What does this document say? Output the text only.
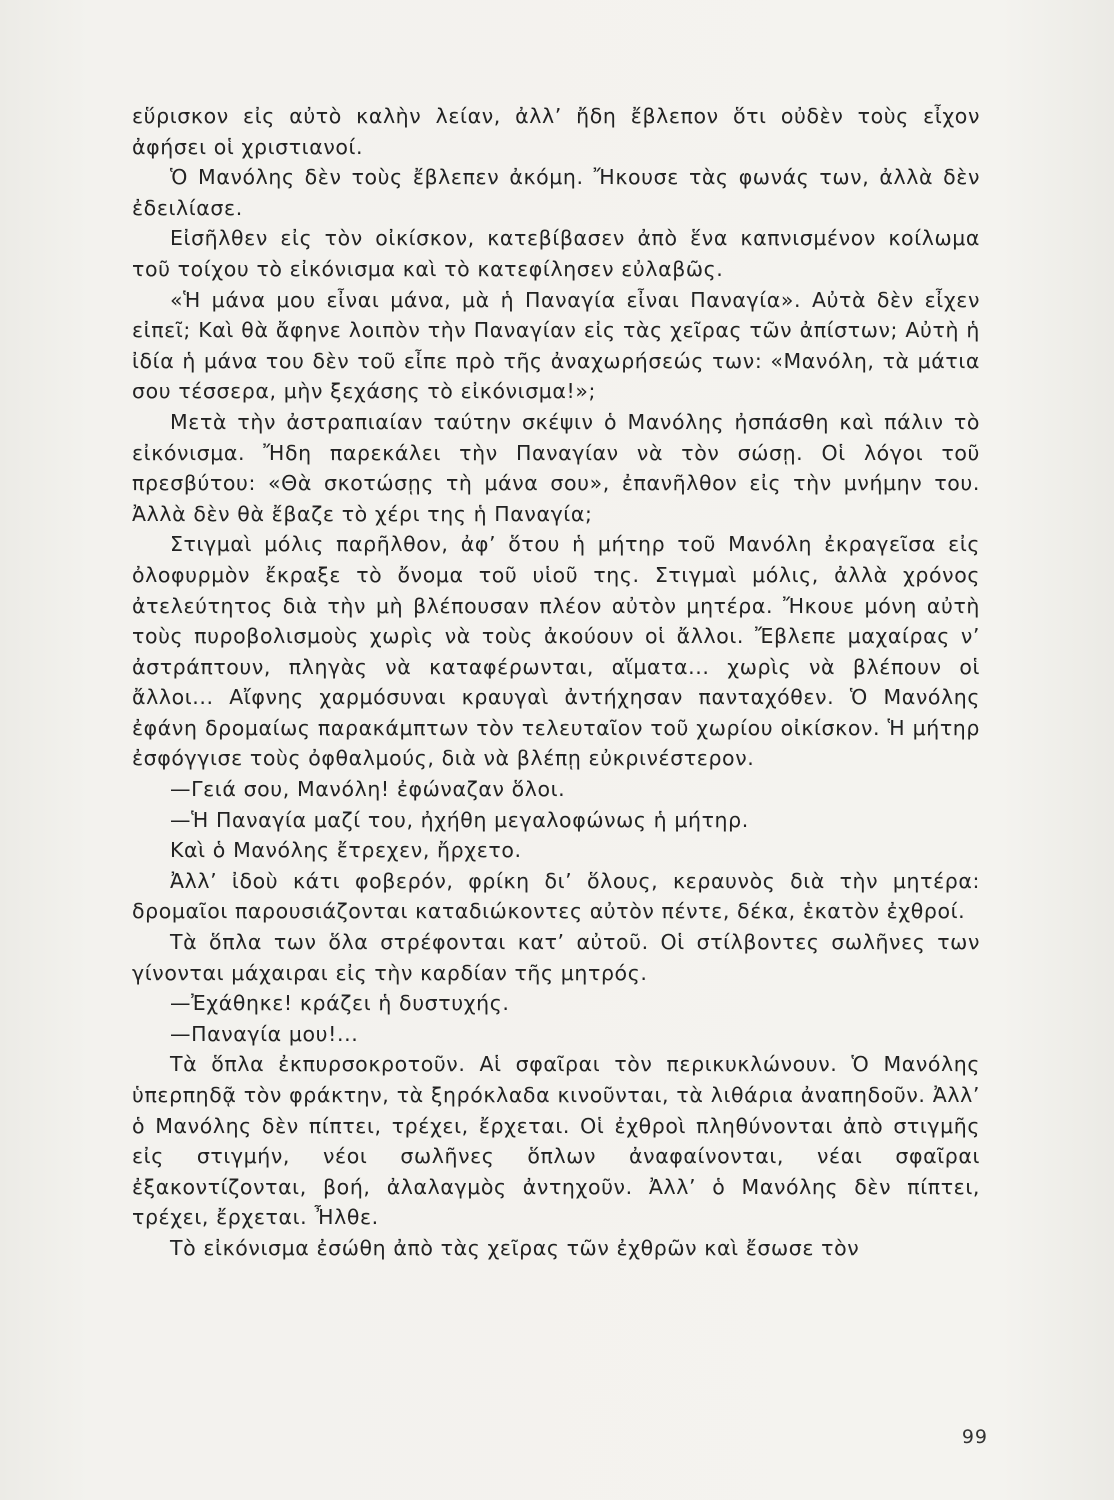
εὕρισκον εἰς αὐτὸ καλὴν λείαν, ἀλλ’ ἤδη ἔβλεπον ὅτι οὐδὲν τοὺς εἶχον ἀφήσει οἱ χριστιανοί.

Ὁ Μανόλης δὲν τοὺς ἔβλεπεν ἀκόμη. Ἤκουσε τὰς φωνάς των, ἀλλὰ δὲν ἐδειλίασε.

Εἰσῆλθεν εἰς τὸν οἰκίσκον, κατεβίβασεν ἀπὸ ἕνα καπνισμένον κοίλωμα τοῦ τοίχου τὸ εἰκόνισμα καὶ τὸ κατεφίλησεν εὐλαβῶς.

«Ἡ μάνα μου εἶναι μάνα, μὰ ἡ Παναγία εἶναι Παναγία». Αὐτὰ δὲν εἶχεν εἰπεῖ; Καὶ θὰ ἄφηνε λοιπὸν τὴν Παναγίαν εἰς τὰς χεῖρας τῶν ἀπίστων; Αὐτὴ ἡ ἰδία ἡ μάνα του δὲν τοῦ εἶπε πρὸ τῆς ἀναχωρήσεώς των: «Μανόλη, τὰ μάτια σου τέσσερα, μὴν ξεχάσης τὸ εἰκόνισμα!»;

Μετὰ τὴν ἀστραπιαίαν ταύτην σκέψιν ὁ Μανόλης ἠσπάσθη καὶ πάλιν τὸ εἰκόνισμα. Ἤδη παρεκάλει τὴν Παναγίαν νὰ τὸν σώσῃ. Οἱ λόγοι τοῦ πρεσβύτου: «Θὰ σκοτώσῃς τὴ μάνα σου», ἐπανῆλθον εἰς τὴν μνήμην του. Ἀλλὰ δὲν θὰ ἔβαζε τὸ χέρι της ἡ Παναγία;

Στιγμαὶ μόλις παρῆλθον, ἀφ’ ὅτου ἡ μήτηρ τοῦ Μανόλη ἐκραγεῖσα εἰς ὀλοφυρμὸν ἔκραξε τὸ ὄνομα τοῦ υἱοῦ της. Στιγμαὶ μόλις, ἀλλὰ χρόνος ἀτελεύτητος διὰ τὴν μὴ βλέπουσαν πλέον αὐτὸν μητέρα. Ἤκουε μόνη αὐτὴ τοὺς πυροβολισμοὺς χωρὶς νὰ τοὺς ἀκούουν οἱ ἄλλοι. Ἔβλεπε μαχαίρας ν’ ἀστράπτουν, πληγὰς νὰ καταφέρωνται, αἵματα... χωρὶς νὰ βλέπουν οἱ ἄλλοι... Αἴφνης χαρμόσυναι κραυγαὶ ἀντήχησαν πανταχόθεν. Ὁ Μανόλης ἐφάνη δρομαίως παρακάμπτων τὸν τελευταῖον τοῦ χωρίου οἰκίσκον. Ἡ μήτηρ ἐσφόγγισε τοὺς ὀφθαλμούς, διὰ νὰ βλέπῃ εὐκρινέστερον.

—Γειά σου, Μανόλη! ἐφώναζαν ὅλοι.

—Ἡ Παναγία μαζί του, ἠχήθη μεγαλοφώνως ἡ μήτηρ.

Καὶ ὁ Μανόλης ἔτρεχεν, ἤρχετο.

Ἀλλ’ ἰδοὺ κάτι φοβερόν, φρίκη δι’ ὅλους, κεραυνὸς διὰ τὴν μητέρα: δρομαῖοι παρουσιάζονται καταδιώκοντες αὐτὸν πέντε, δέκα, ἑκατὸν ἐχθροί.

Τὰ ὅπλα των ὅλα στρέφονται κατ’ αὐτοῦ. Οἱ στίλβοντες σωλῆνες των γίνονται μάχαιραι εἰς τὴν καρδίαν τῆς μητρός.

—Ἐχάθηκε! κράζει ἡ δυστυχής.

—Παναγία μου!...

Τὰ ὅπλα ἐκπυρσοκροτοῦν. Αἱ σφαῖραι τὸν περικυκλώνουν. Ὁ Μανόλης ὑπερπηδᾷ τὸν φράκτην, τὰ ξηρόκλαδα κινοῦνται, τὰ λιθάρια ἀναπηδοῦν. Ἀλλ’ ὁ Μανόλης δὲν πίπτει, τρέχει, ἔρχεται. Οἱ ἐχθροὶ πληθύνονται ἀπὸ στιγμῆς εἰς στιγμήν, νέοι σωλῆνες ὅπλων ἀναφαίνονται, νέαι σφαῖραι ἐξακοντίζονται, βοή, ἀλαλαγμὸς ἀντηχοῦν. Ἀλλ’ ὁ Μανόλης δὲν πίπτει, τρέχει, ἔρχεται. Ἦλθε.

Τὸ εἰκόνισμα ἐσώθη ἀπὸ τὰς χεῖρας τῶν ἐχθρῶν καὶ ἔσωσε τὸν

99
